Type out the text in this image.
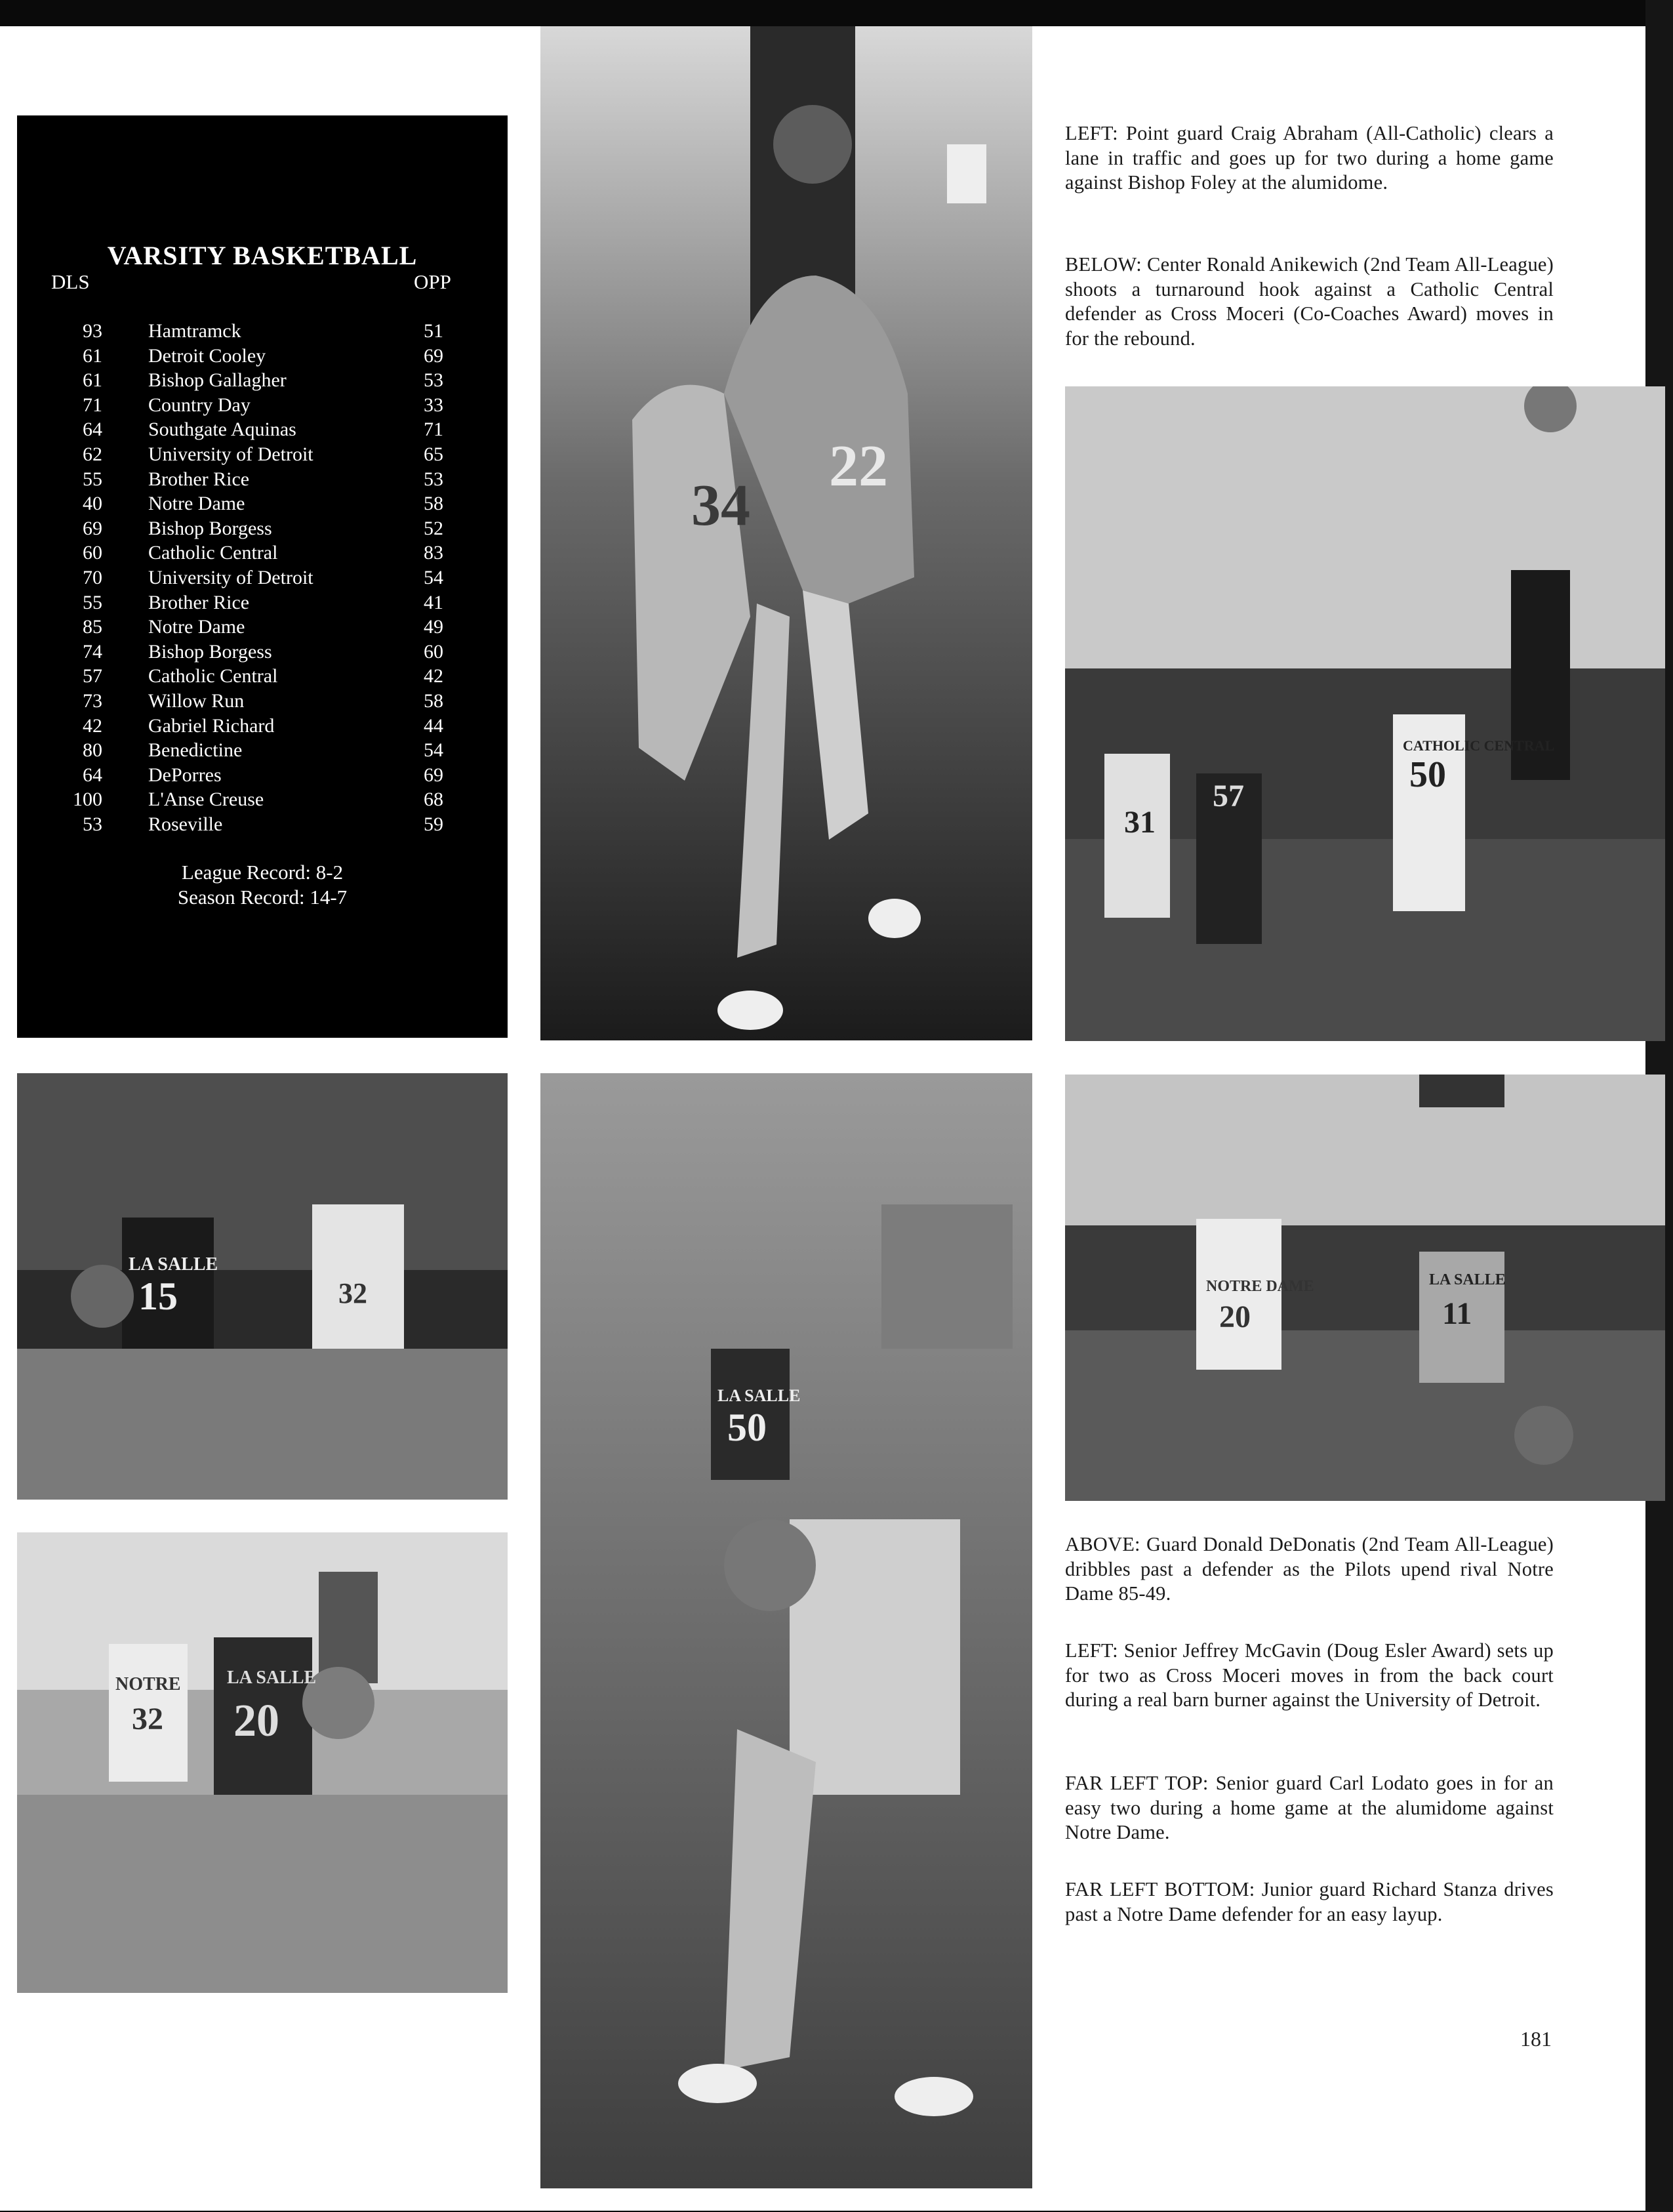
VARSITY BASKETBALL
DLS	OPP
93 Hamtramck	51
61 Detroit Cooley	69
61 Bishop Gallagher	53
71 Country Day	33
64 Southgate Aquinas	71
62 University of Detroit	65
55 Brother Rice	53
40 Notre Dame	58
69 Bishop Borgess	52
60 Catholic Central	83
70 University of Detroit	54
55 Brother Rice	41
85 Notre Dame	49
74 Bishop Borgess	60
57 Catholic Central	42
73 Willow Run	58
42 Gabriel Richard	44
80 Benedictine	54
64 DePorres	69
100 L'Anse Creuse	68
53 Roseville	59
League Record: 8-2
Season Record: 14-7
34
22
31
57
CATHOLIC CENTRAL
50
LA SALLE
15	32
NOTRE
32
LA SALLE
20
LA SALLE
50
NOTRE DAME
20
LA SALLE
11
LEFT: Point guard Craig Abraham (All-Catholic) clears a lane in traffic and goes up for two during a home game against Bishop Foley at the alumidome.
BELOW: Center Ronald Anikewich (2nd Team All-League) shoots a turnaround hook against a Catholic Central defender as Cross Moceri (Co-Coaches Award) moves in for the rebound.
ABOVE: Guard Donald DeDonatis (2nd Team All-League) dribbles past a defender as the Pilots upend rival Notre Dame 85-49.
LEFT: Senior Jeffrey McGavin (Doug Esler Award) sets up for two as Cross Moceri moves in from the back court during a real barn burner against the University of Detroit.
FAR LEFT TOP: Senior guard Carl Lodato goes in for an easy two during a home game at the alumidome against Notre Dame.
FAR LEFT BOTTOM: Junior guard Richard Stanza drives past a Notre Dame defender for an easy layup.
181
